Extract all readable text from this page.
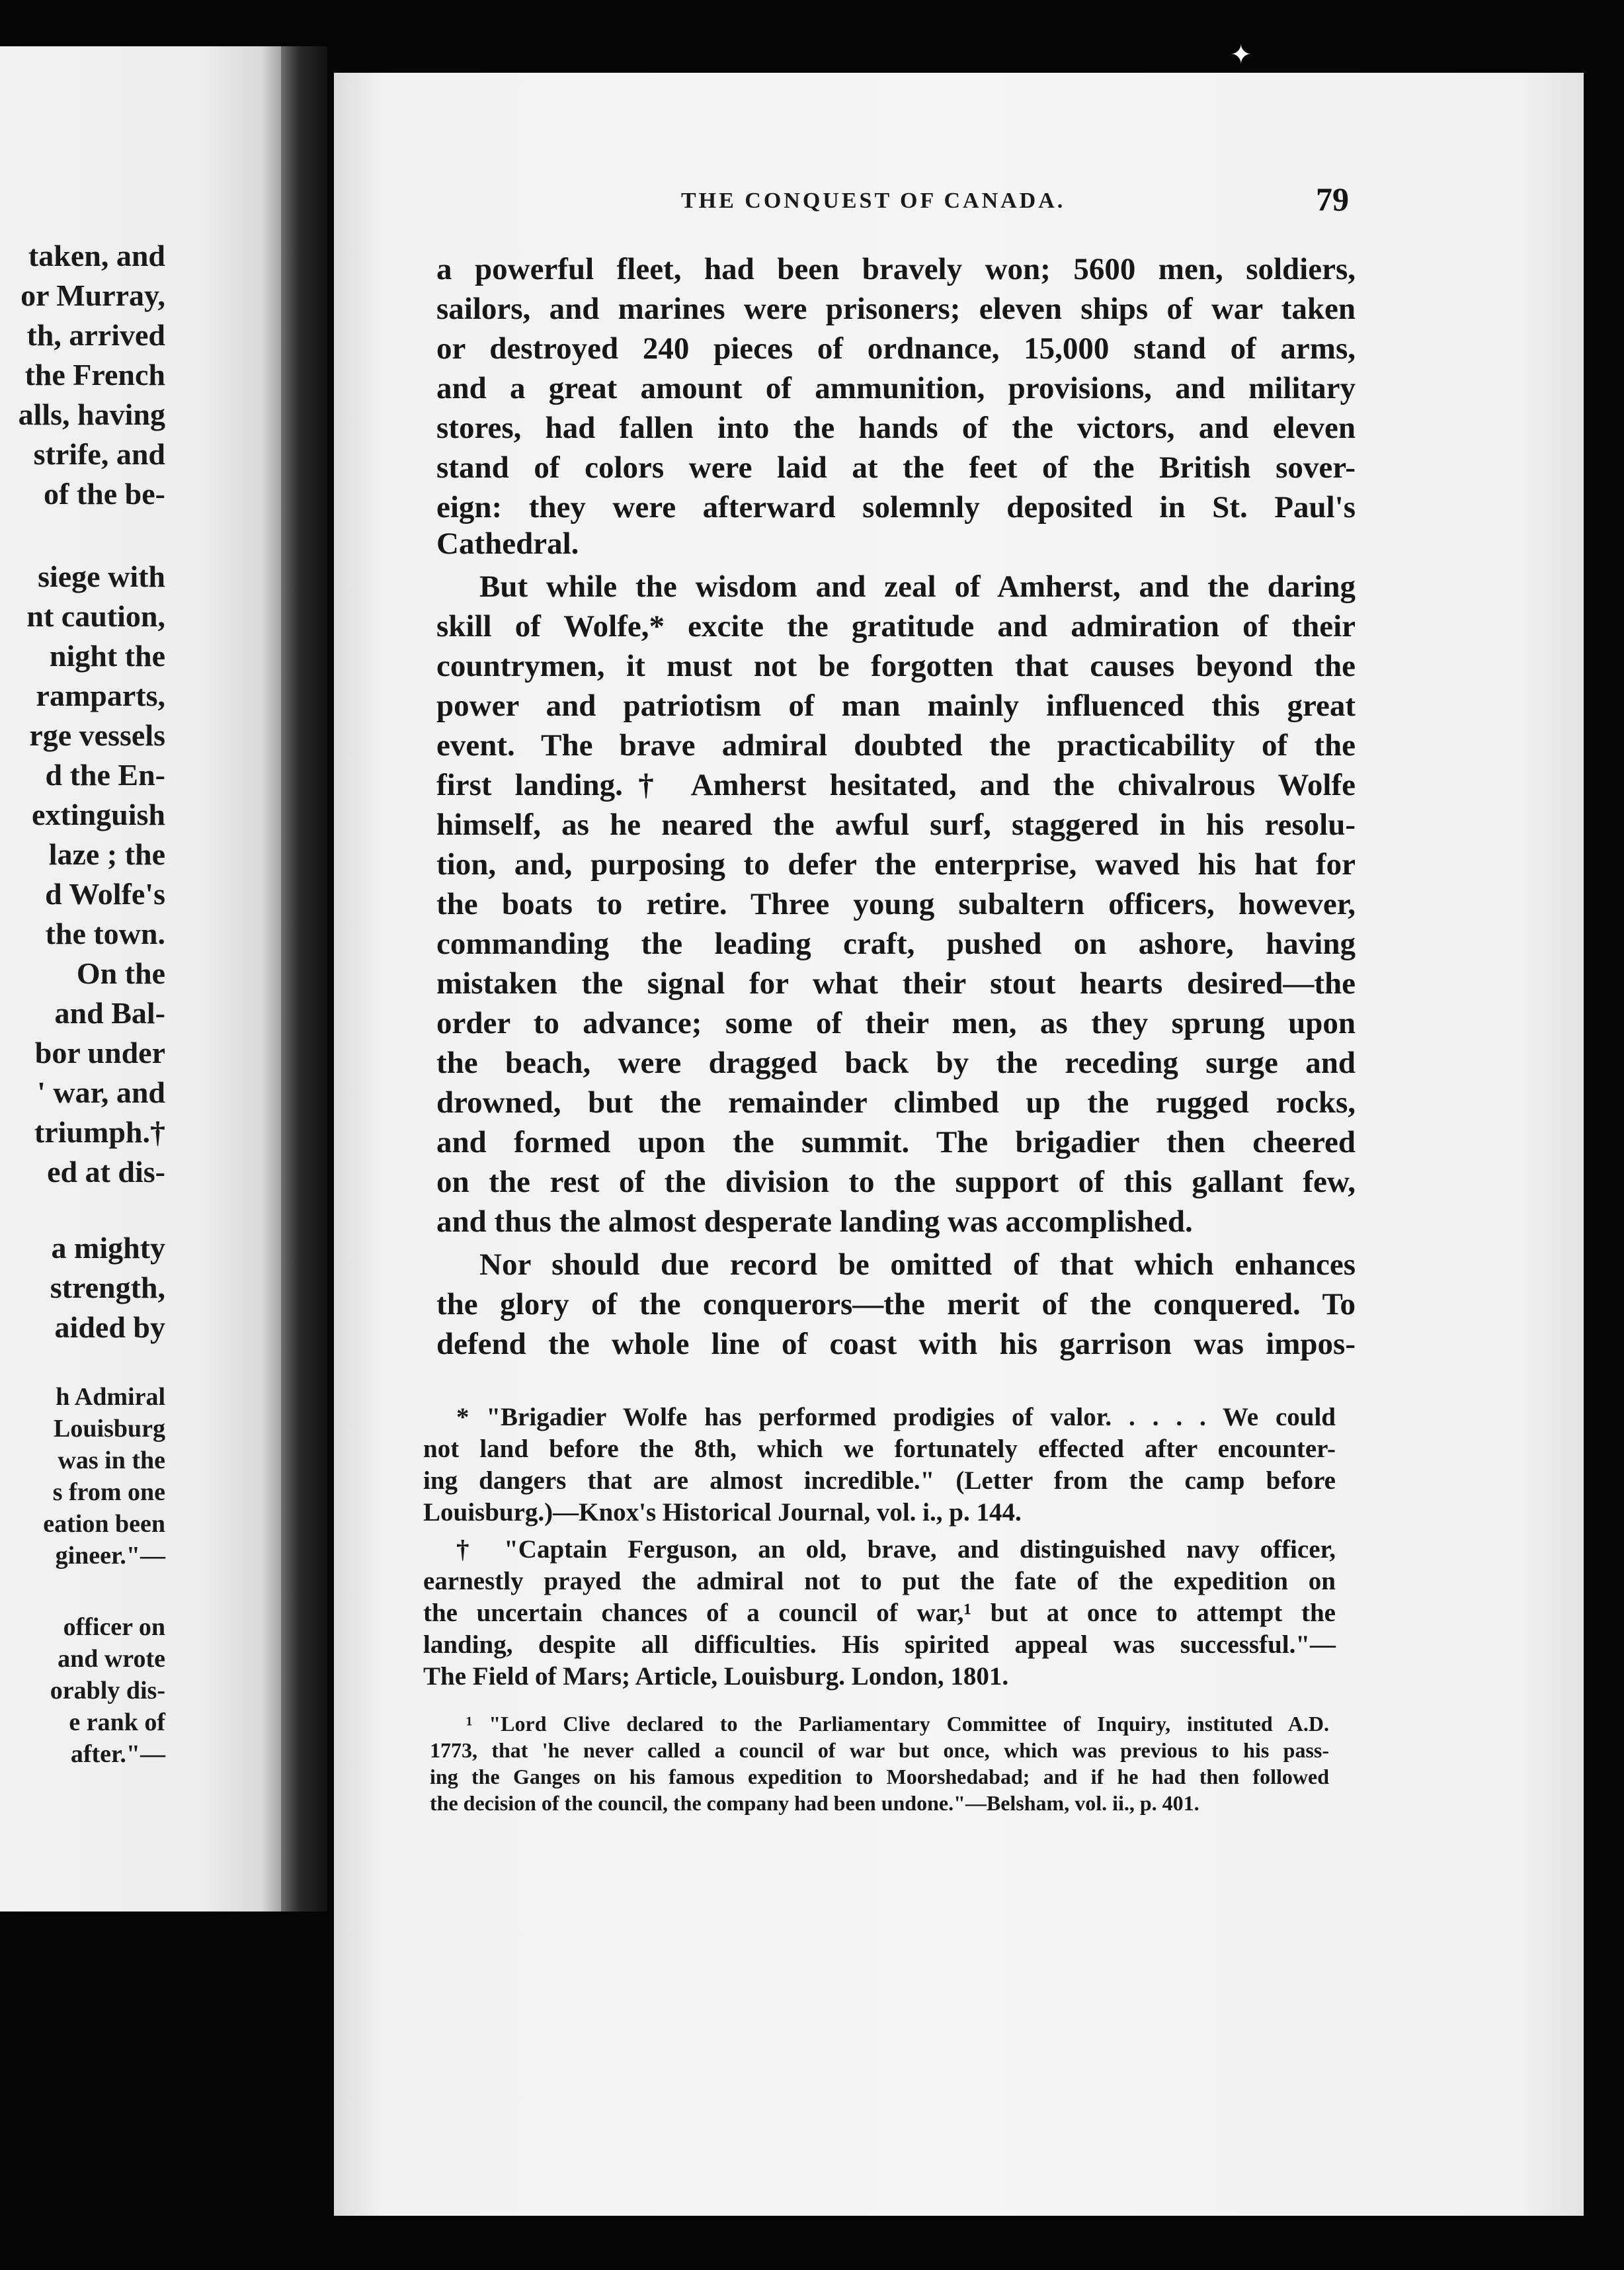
taken, and
or Murray,
th, arrived
the French
alls, having
strife, and
of the be-
siege with
nt caution,
night the
ramparts,
rge vessels
d the En-
extinguish
laze ; the
d Wolfe's
the town.
On the
and Bal-
bor under
' war, and
triumph.†
ed at dis-
a mighty
strength,
aided by
h Admiral
Louisburg
was in the
s from one
eation been
gineer."—
officer on
and wrote
orably dis-
e rank of
after."—
✦
THE CONQUEST OF CANADA.	79
a powerful fleet, had been bravely won; 5600 men, soldiers,
sailors, and marines were prisoners; eleven ships of war taken
or destroyed 240 pieces of ordnance, 15,000 stand of arms,
and a great amount of ammunition, provisions, and military
stores, had fallen into the hands of the victors, and eleven
stand of colors were laid at the feet of the British sover-
eign: they were afterward solemnly deposited in St. Paul's
Cathedral.
But while the wisdom and zeal of Amherst, and the daring
skill of Wolfe,* excite the gratitude and admiration of their
countrymen, it must not be forgotten that causes beyond the
power and patriotism of man mainly influenced this great
event. The brave admiral doubted the practicability of the
first landing.† Amherst hesitated, and the chivalrous Wolfe
himself, as he neared the awful surf, staggered in his resolu-
tion, and, purposing to defer the enterprise, waved his hat for
the boats to retire. Three young subaltern officers, however,
commanding the leading craft, pushed on ashore, having
mistaken the signal for what their stout hearts desired—the
order to advance; some of their men, as they sprung upon
the beach, were dragged back by the receding surge and
drowned, but the remainder climbed up the rugged rocks,
and formed upon the summit. The brigadier then cheered
on the rest of the division to the support of this gallant few,
and thus the almost desperate landing was accomplished.
Nor should due record be omitted of that which enhances
the glory of the conquerors—the merit of the conquered. To
defend the whole line of coast with his garrison was impos-
* "Brigadier Wolfe has performed prodigies of valor. . . . . We could
not land before the 8th, which we fortunately effected after encounter-
ing dangers that are almost incredible." (Letter from the camp before
Louisburg.)—Knox's Historical Journal, vol. i., p. 144.
† "Captain Ferguson, an old, brave, and distinguished navy officer,
earnestly prayed the admiral not to put the fate of the expedition on
the uncertain chances of a council of war,¹ but at once to attempt the
landing, despite all difficulties. His spirited appeal was successful."—
The Field of Mars; Article, Louisburg. London, 1801.
¹ "Lord Clive declared to the Parliamentary Committee of Inquiry, instituted A.D.
1773, that 'he never called a council of war but once, which was previous to his pass-
ing the Ganges on his famous expedition to Moorshedabad; and if he had then followed
the decision of the council, the company had been undone."—Belsham, vol. ii., p. 401.
